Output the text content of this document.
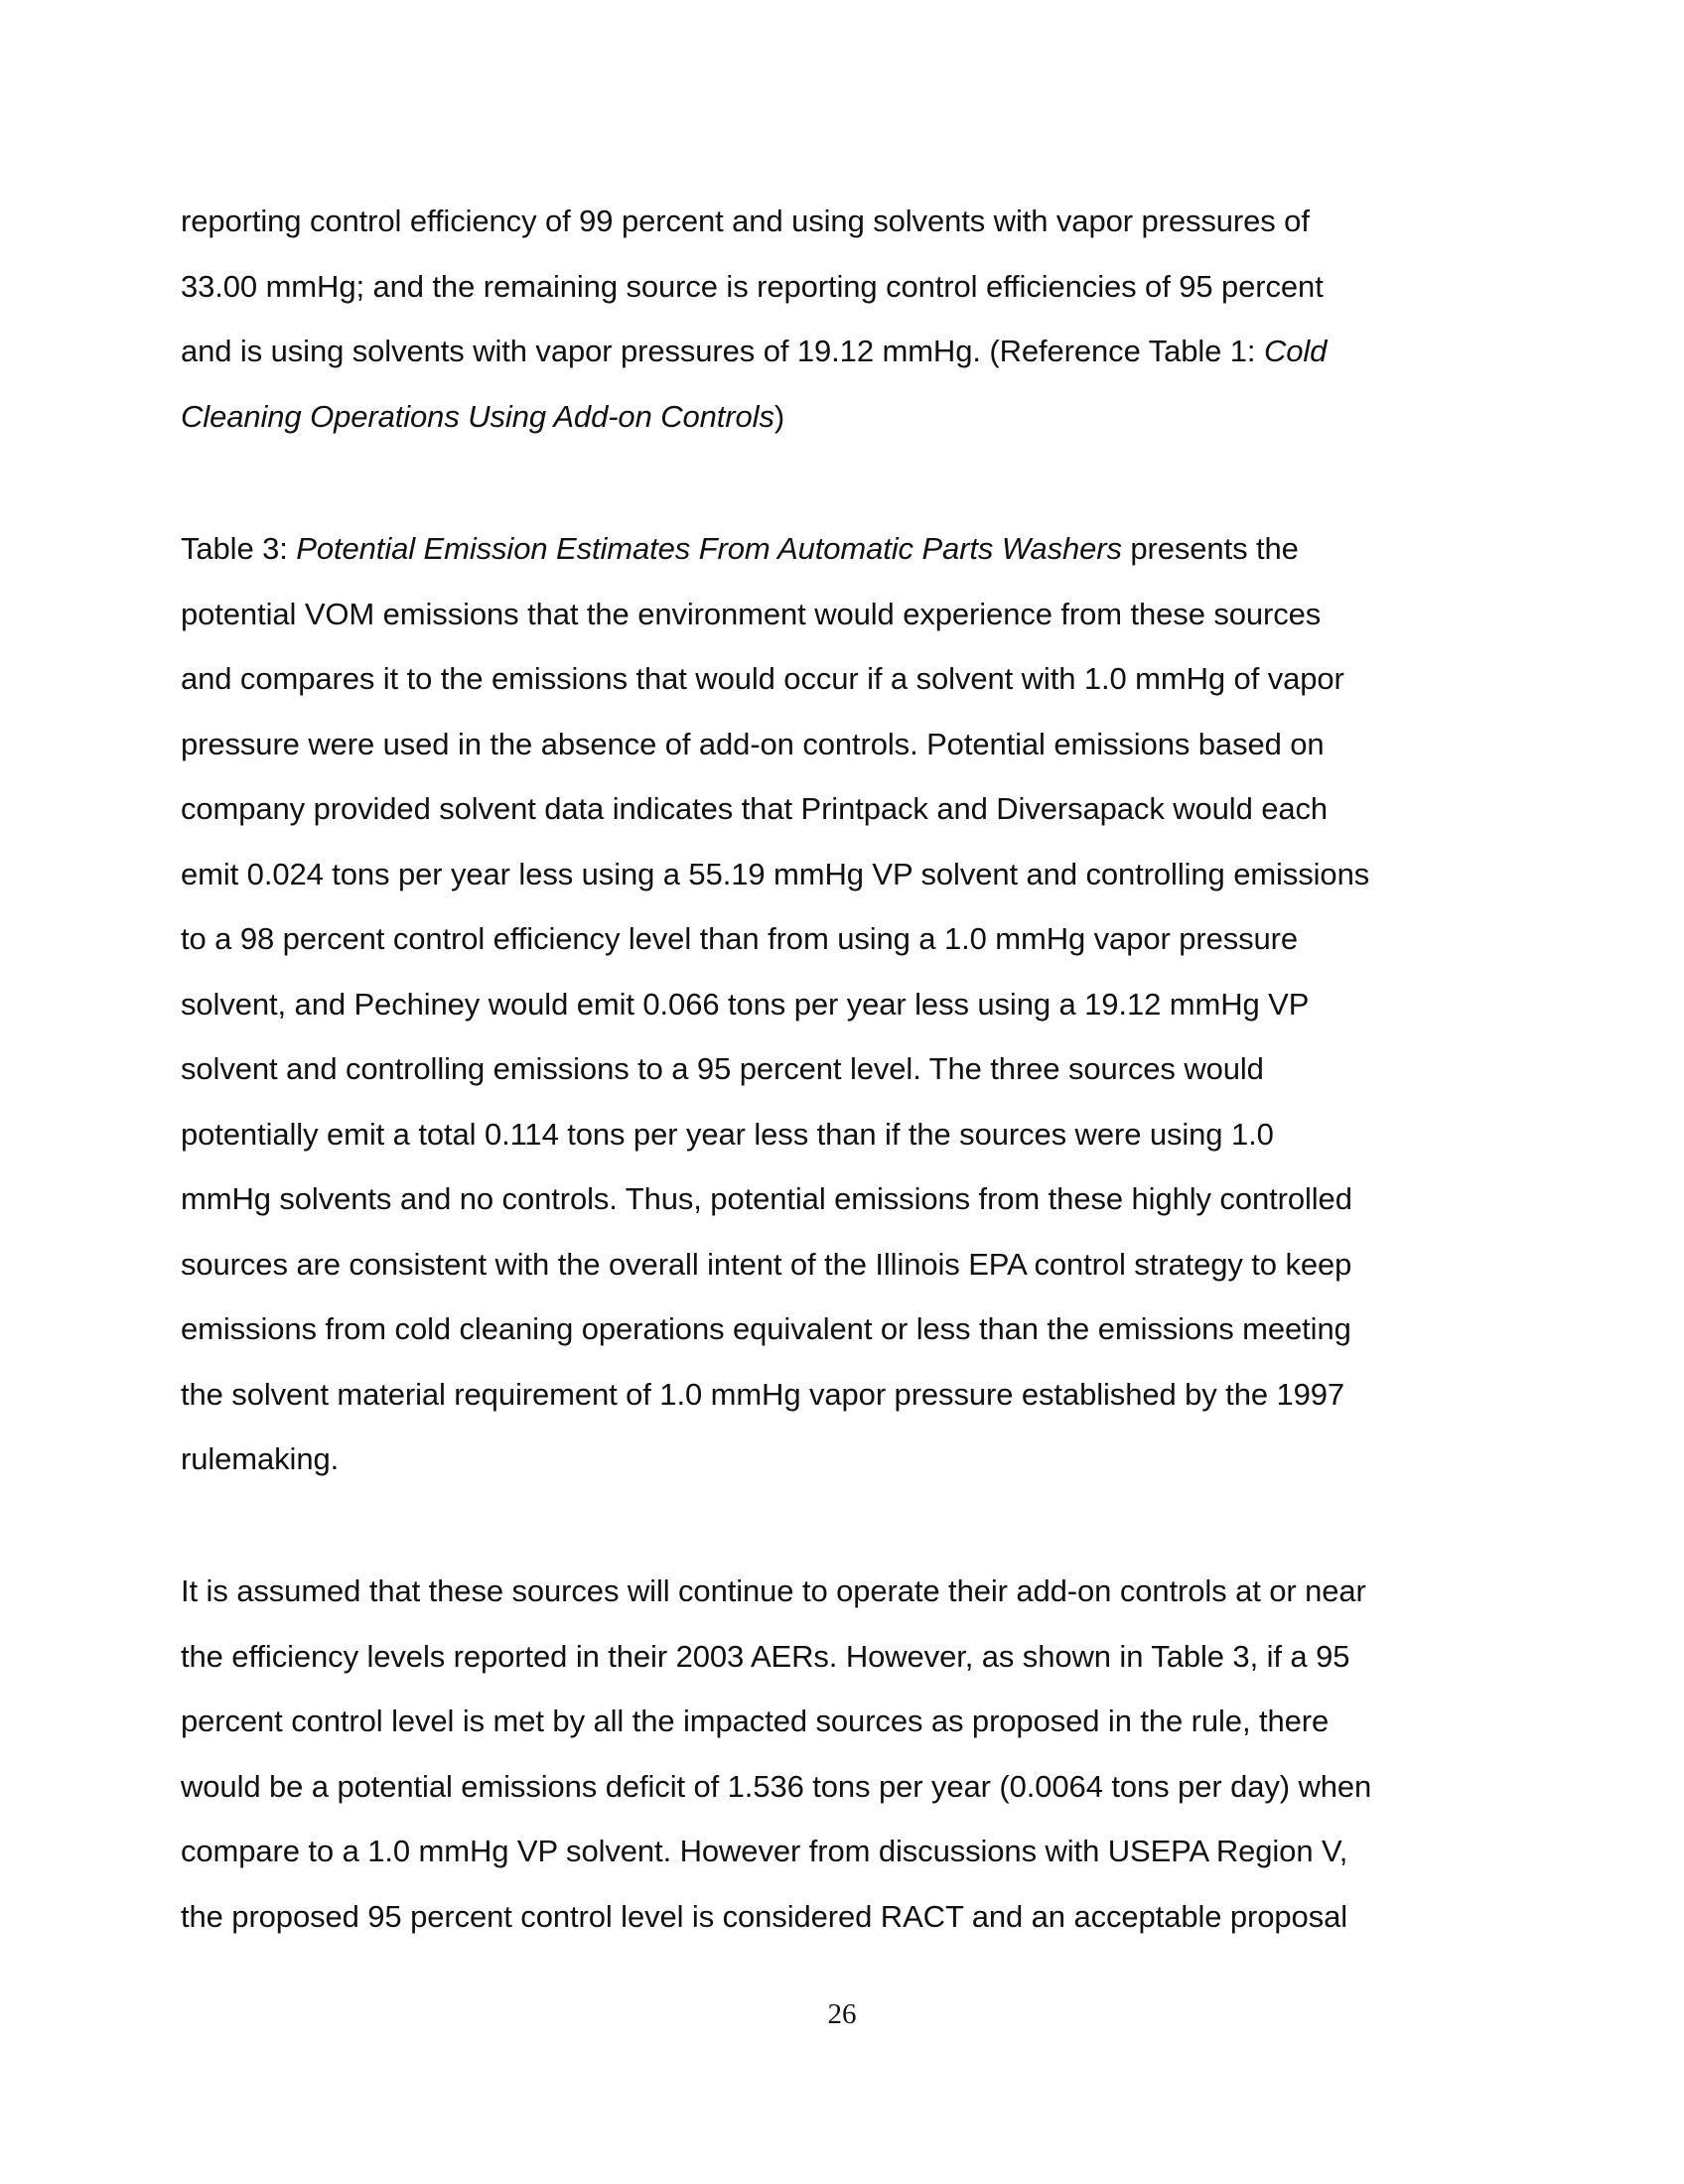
reporting control efficiency of 99 percent and using solvents with vapor pressures of
33.00 mmHg; and the remaining source is reporting control efficiencies of 95 percent
and is using solvents with vapor pressures of 19.12 mmHg. (Reference Table 1: Cold
Cleaning Operations Using Add-on Controls)

Table 3: Potential Emission Estimates From Automatic Parts Washers presents the
potential VOM emissions that the environment would experience from these sources
and compares it to the emissions that would occur if a solvent with 1.0 mmHg of vapor
pressure were used in the absence of add-on controls. Potential emissions based on
company provided solvent data indicates that Printpack and Diversapack would each
emit 0.024 tons per year less using a 55.19 mmHg VP solvent and controlling emissions
to a 98 percent control efficiency level than from using a 1.0 mmHg vapor pressure
solvent, and Pechiney would emit 0.066 tons per year less using a 19.12 mmHg VP
solvent and controlling emissions to a 95 percent level. The three sources would
potentially emit a total 0.114 tons per year less than if the sources were using 1.0
mmHg solvents and no controls. Thus, potential emissions from these highly controlled
sources are consistent with the overall intent of the Illinois EPA control strategy to keep
emissions from cold cleaning operations equivalent or less than the emissions meeting
the solvent material requirement of 1.0 mmHg vapor pressure established by the 1997
rulemaking.

It is assumed that these sources will continue to operate their add-on controls at or near
the efficiency levels reported in their 2003 AERs. However, as shown in Table 3, if a 95
percent control level is met by all the impacted sources as proposed in the rule, there
would be a potential emissions deficit of 1.536 tons per year (0.0064 tons per day) when
compare to a 1.0 mmHg VP solvent. However from discussions with USEPA Region V,
the proposed 95 percent control level is considered RACT and an acceptable proposal

26
